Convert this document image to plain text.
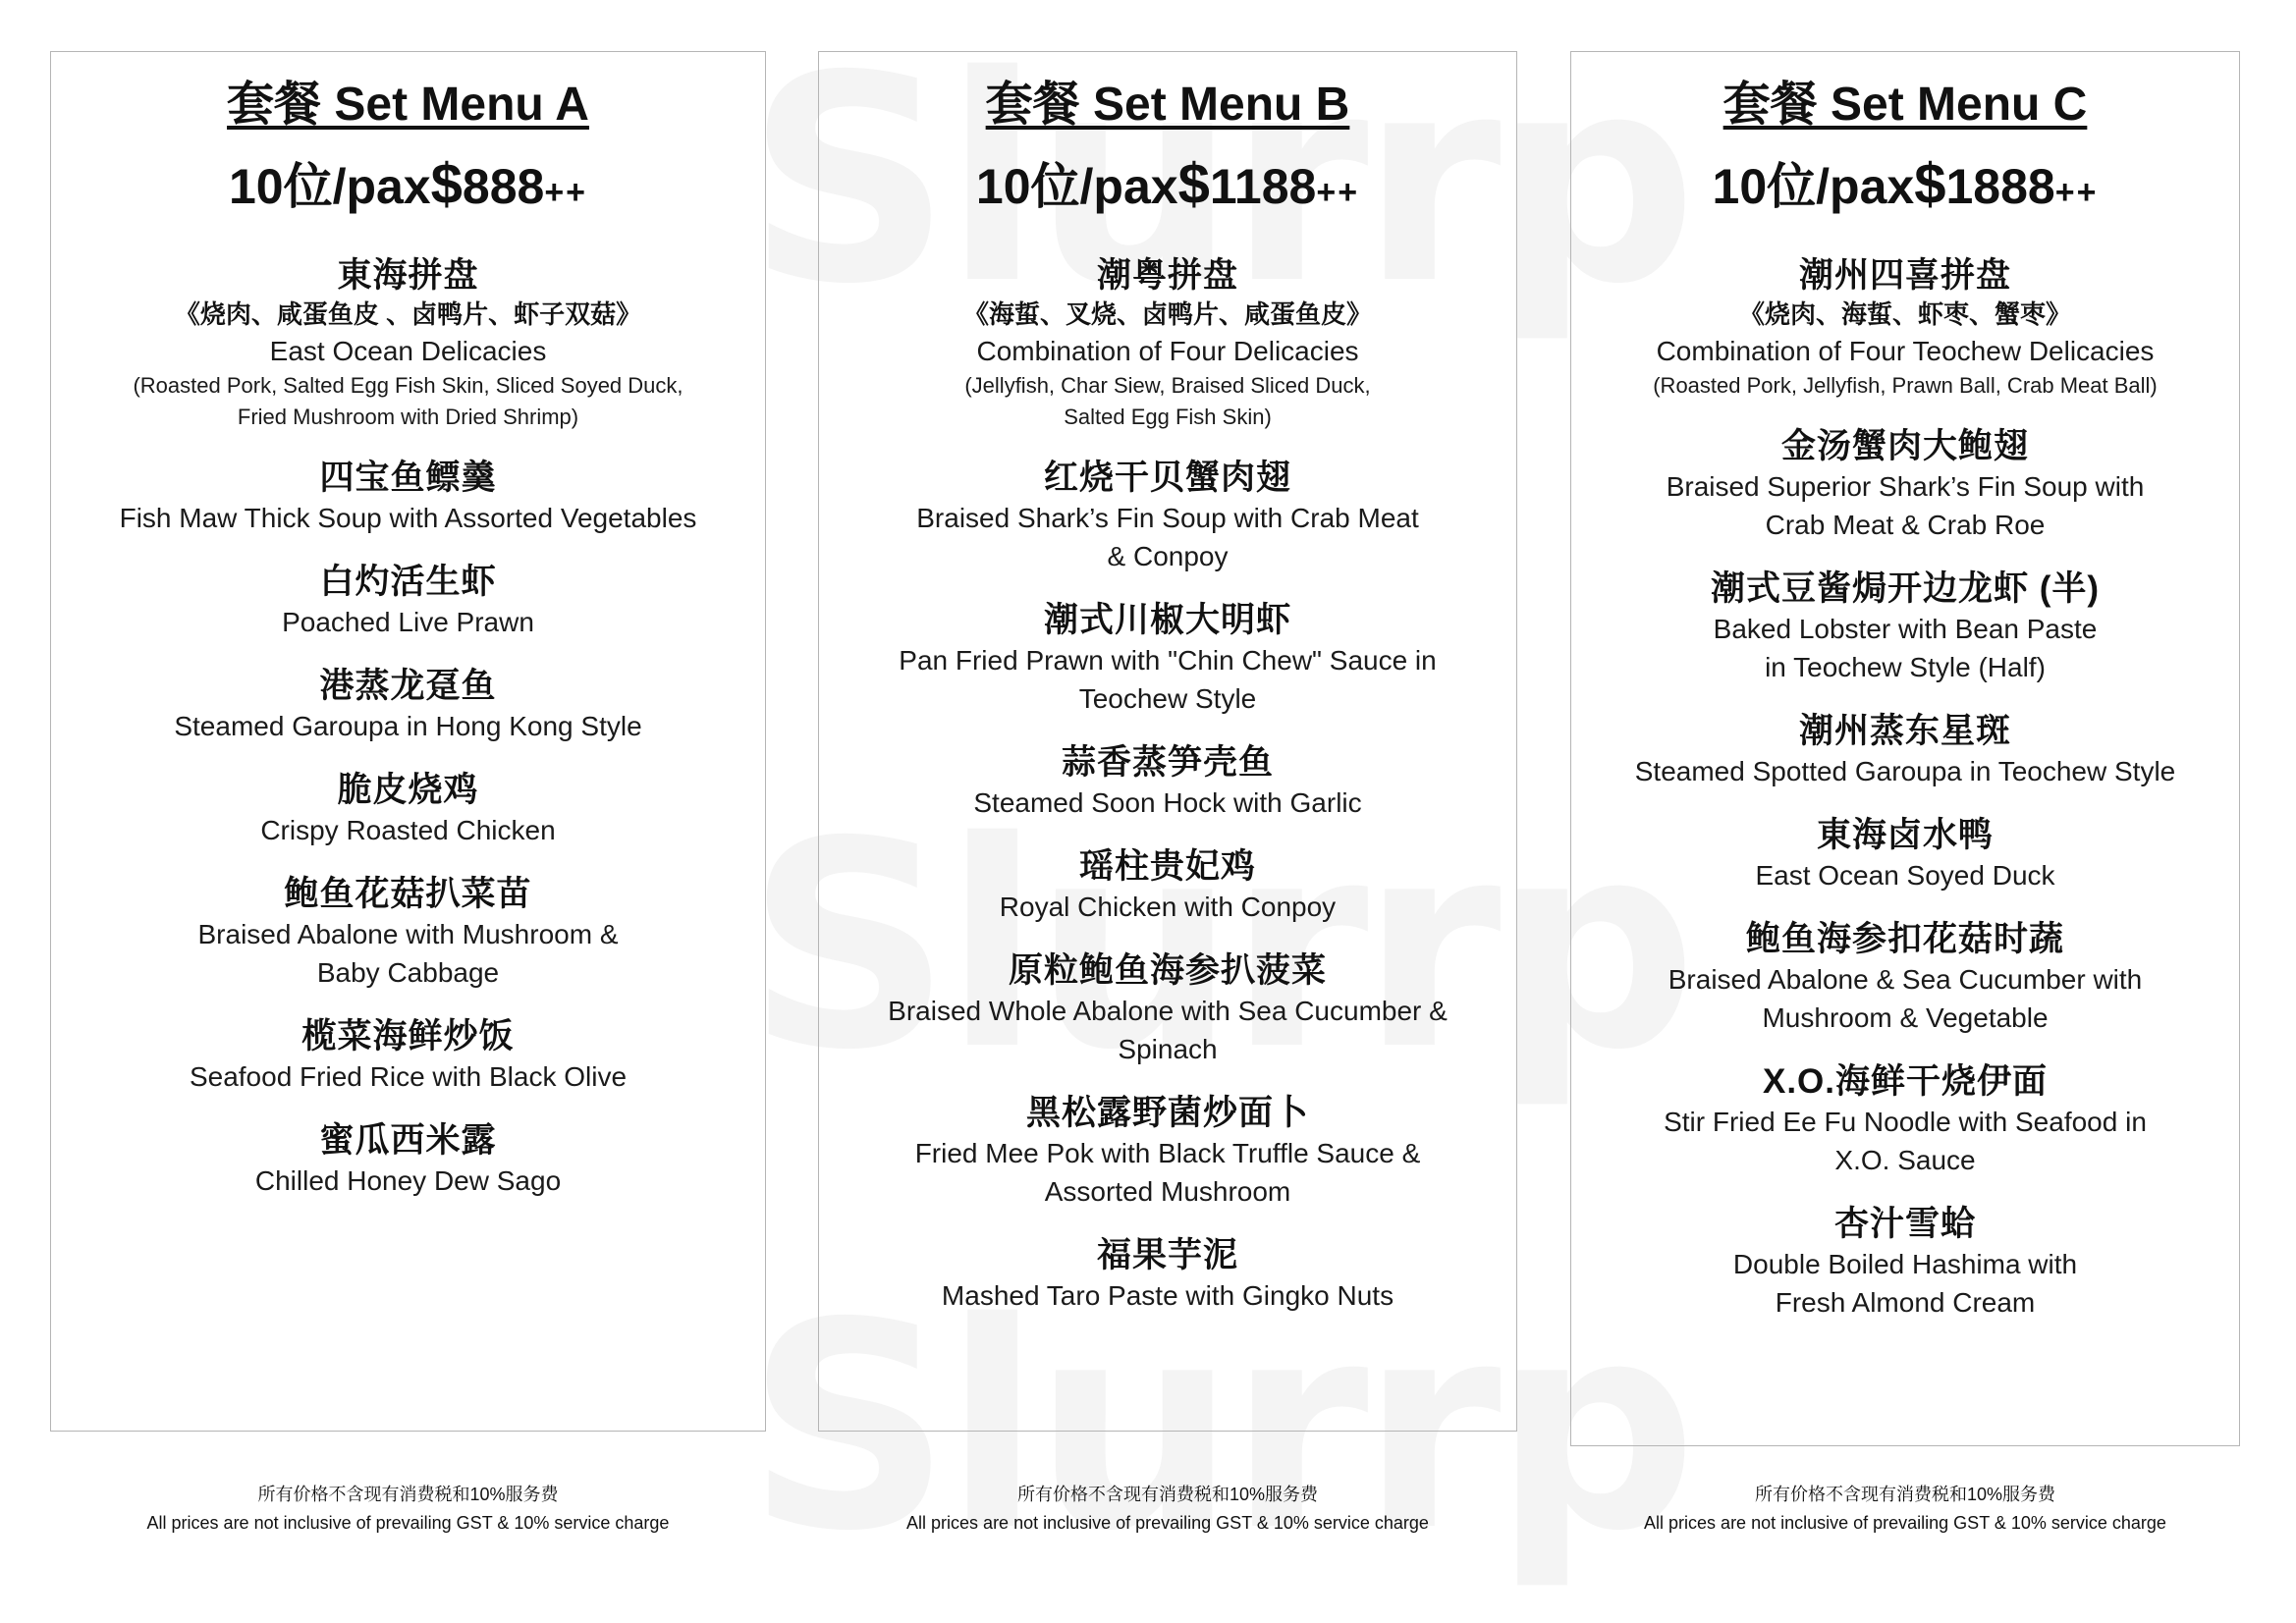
套餐 Set Menu A
10位/pax$888++
東海拼盘
《烧肉、咸蛋鱼皮 、卤鸭片、虾子双菇》
East Ocean Delicacies
(Roasted Pork, Salted Egg Fish Skin, Sliced Soyed Duck,
Fried Mushroom with Dried Shrimp)
四宝鱼鳔羹
Fish Maw Thick Soup with Assorted Vegetables
白灼活生虾
Poached Live Prawn
港蒸龙趸鱼
Steamed Garoupa in Hong Kong Style
脆皮烧鸡
Crispy Roasted Chicken
鲍鱼花菇扒菜苗
Braised Abalone with Mushroom &
Baby Cabbage
榄菜海鲜炒饭
Seafood Fried Rice with Black Olive
蜜瓜西米露
Chilled Honey Dew Sago
套餐 Set Menu B
10位/pax$1188++
潮粤拼盘
《海蜇、叉烧、卤鸭片、咸蛋鱼皮》
Combination of Four Delicacies
(Jellyfish, Char Siew, Braised Sliced Duck,
Salted Egg Fish Skin)
红烧干贝蟹肉翅
Braised Shark’s Fin Soup with Crab Meat
& Conpoy
潮式川椒大明虾
Pan Fried Prawn with "Chin Chew" Sauce in
Teochew Style
蒜香蒸笋壳鱼
Steamed Soon Hock with Garlic
瑶柱贵妃鸡
Royal Chicken with Conpoy
原粒鲍鱼海参扒菠菜
Braised Whole Abalone with Sea Cucumber &
Spinach
黑松露野菌炒面卜
Fried Mee Pok with Black Truffle Sauce &
Assorted Mushroom
福果芋泥
Mashed Taro Paste with Gingko Nuts
套餐 Set Menu C
10位/pax$1888++
潮州四喜拼盘
《烧肉、海蜇、虾枣、蟹枣》
Combination of Four Teochew Delicacies
(Roasted Pork, Jellyfish, Prawn Ball, Crab Meat Ball)
金汤蟹肉大鲍翅
Braised Superior Shark’s Fin Soup with
Crab Meat & Crab Roe
潮式豆酱焗开边龙虾 (半)
Baked Lobster with Bean Paste
in Teochew Style (Half)
潮州蒸东星斑
Steamed Spotted Garoupa in Teochew Style
東海卤水鸭
East Ocean Soyed Duck
鲍鱼海参扣花菇时蔬
Braised Abalone & Sea Cucumber with
Mushroom & Vegetable
X.O.海鲜干烧伊面
Stir Fried Ee Fu Noodle with Seafood in
X.O. Sauce
杏汁雪蛤
Double Boiled Hashima with
Fresh Almond Cream
所有价格不含现有消费税和10%服务费
All prices are not inclusive of prevailing GST & 10% service charge
所有价格不含现有消费税和10%服务费
All prices are not inclusive of prevailing GST & 10% service charge
所有价格不含现有消费税和10%服务费
All prices are not inclusive of prevailing GST & 10% service charge
